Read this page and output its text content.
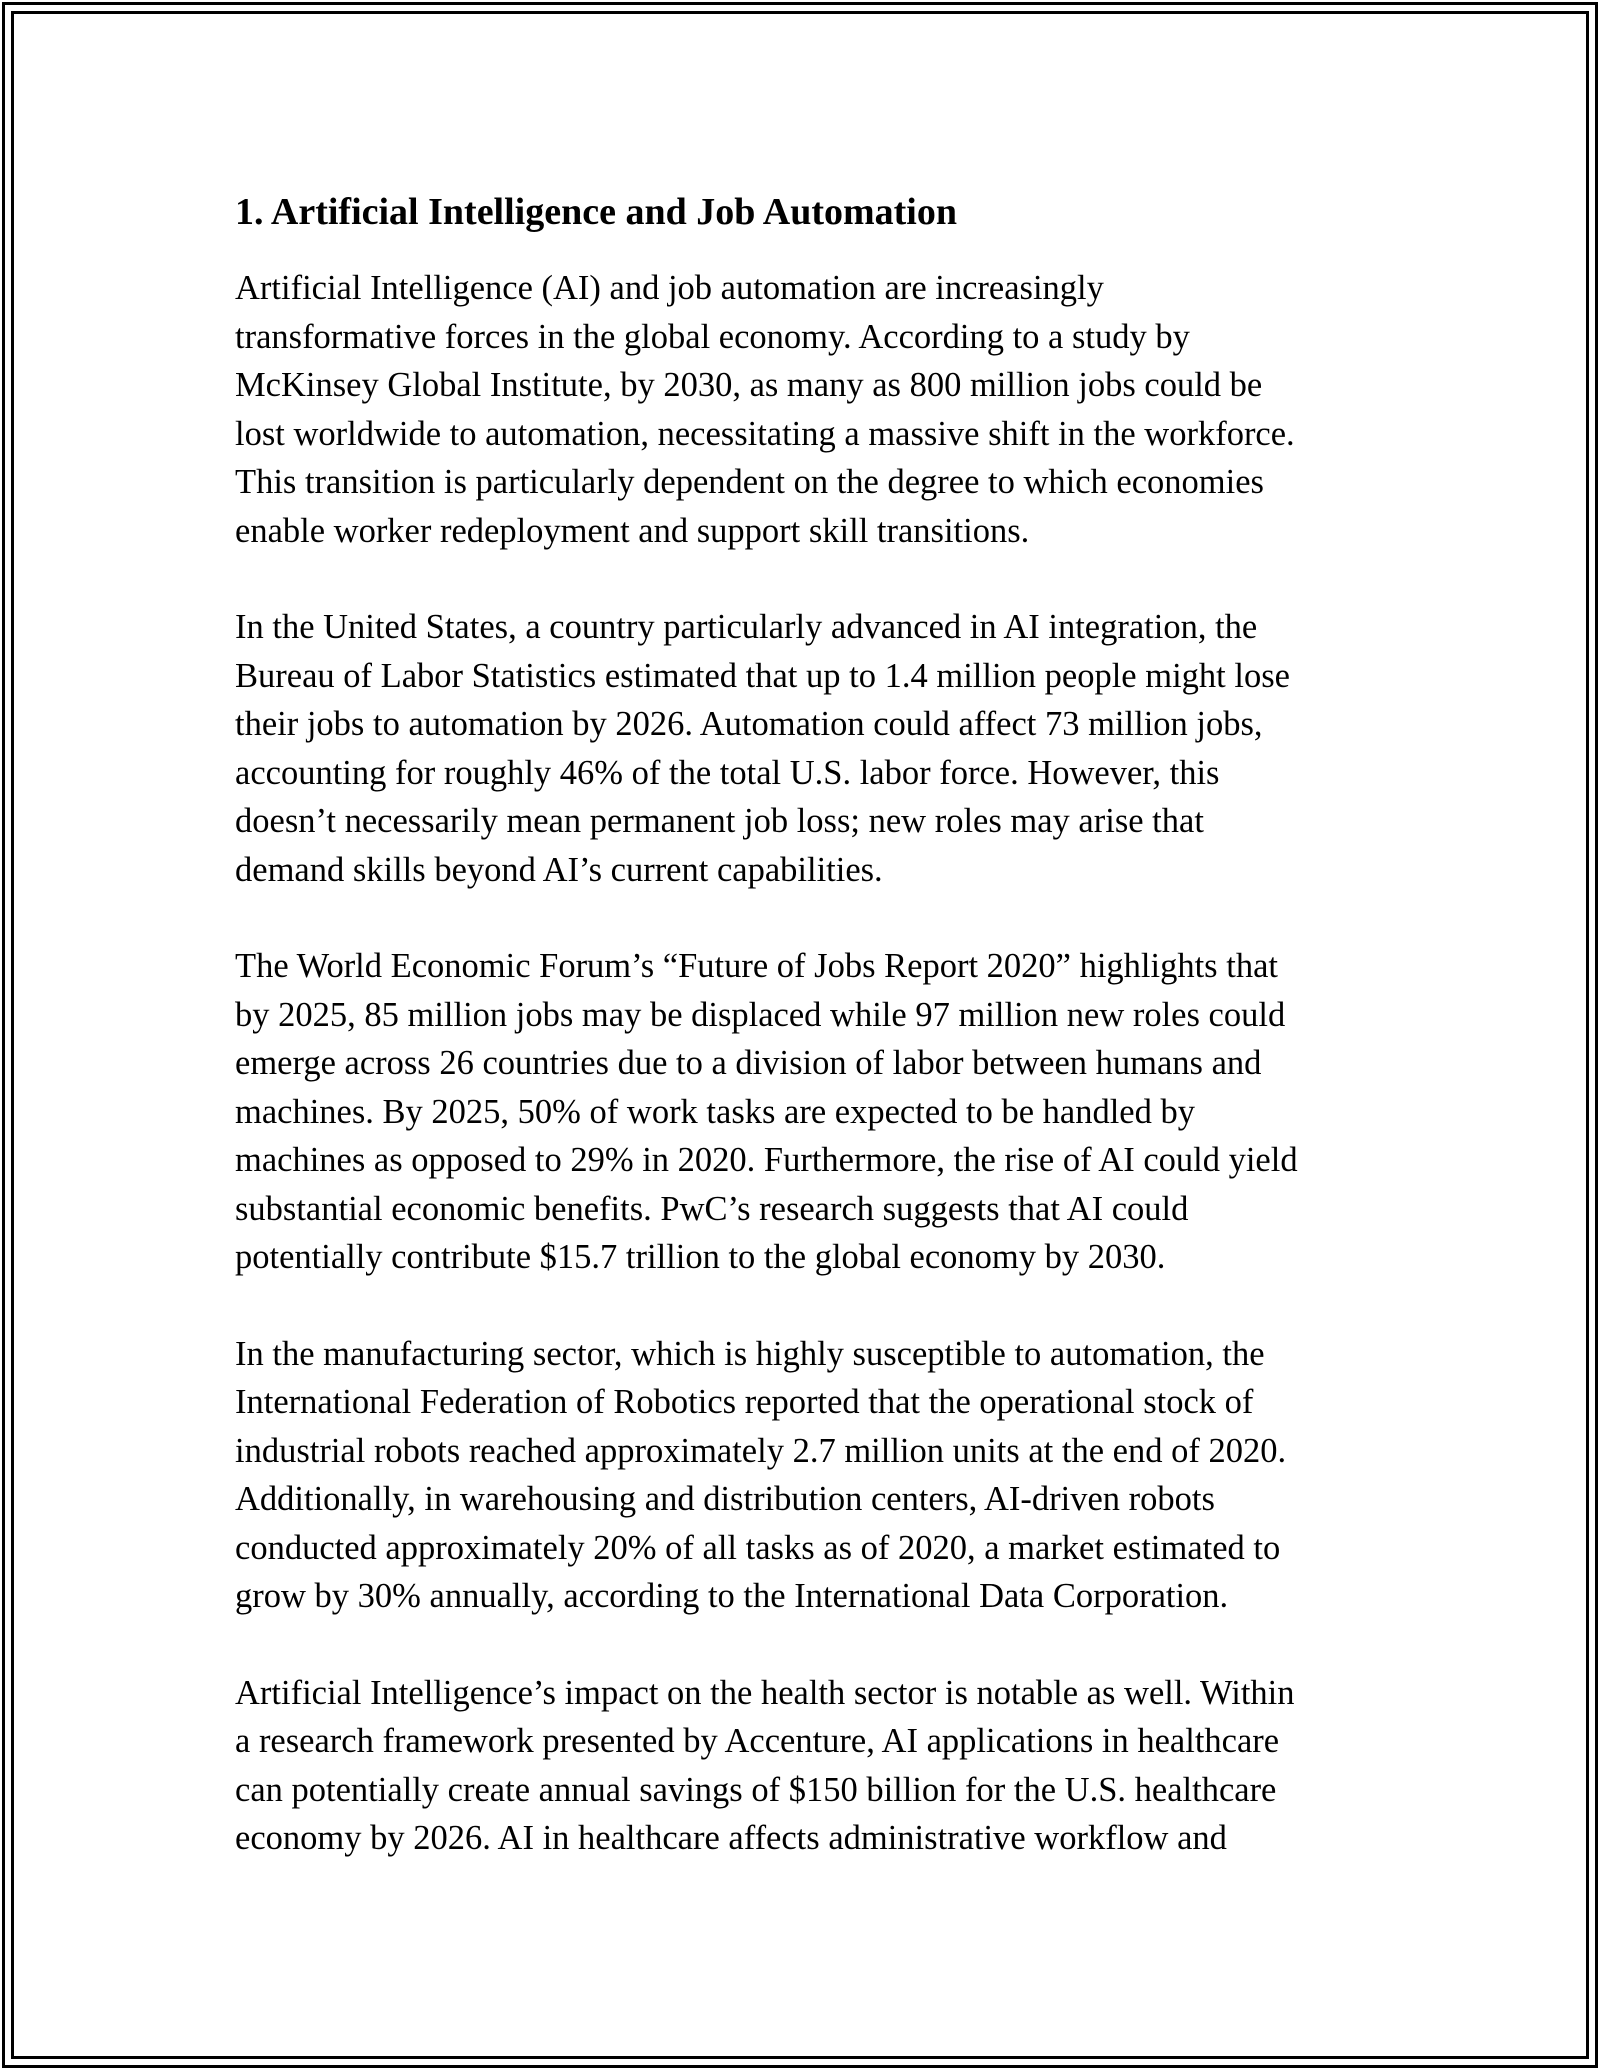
1. Artificial Intelligence and Job Automation

Artificial Intelligence (AI) and job automation are increasingly
transformative forces in the global economy. According to a study by
McKinsey Global Institute, by 2030, as many as 800 million jobs could be
lost worldwide to automation, necessitating a massive shift in the workforce.
This transition is particularly dependent on the degree to which economies
enable worker redeployment and support skill transitions.

In the United States, a country particularly advanced in AI integration, the
Bureau of Labor Statistics estimated that up to 1.4 million people might lose
their jobs to automation by 2026. Automation could affect 73 million jobs,
accounting for roughly 46% of the total U.S. labor force. However, this
doesn’t necessarily mean permanent job loss; new roles may arise that
demand skills beyond AI’s current capabilities.

The World Economic Forum’s “Future of Jobs Report 2020” highlights that
by 2025, 85 million jobs may be displaced while 97 million new roles could
emerge across 26 countries due to a division of labor between humans and
machines. By 2025, 50% of work tasks are expected to be handled by
machines as opposed to 29% in 2020. Furthermore, the rise of AI could yield
substantial economic benefits. PwC’s research suggests that AI could
potentially contribute $15.7 trillion to the global economy by 2030.

In the manufacturing sector, which is highly susceptible to automation, the
International Federation of Robotics reported that the operational stock of
industrial robots reached approximately 2.7 million units at the end of 2020.
Additionally, in warehousing and distribution centers, AI-driven robots
conducted approximately 20% of all tasks as of 2020, a market estimated to
grow by 30% annually, according to the International Data Corporation.

Artificial Intelligence’s impact on the health sector is notable as well. Within
a research framework presented by Accenture, AI applications in healthcare
can potentially create annual savings of $150 billion for the U.S. healthcare
economy by 2026. AI in healthcare affects administrative workflow and
